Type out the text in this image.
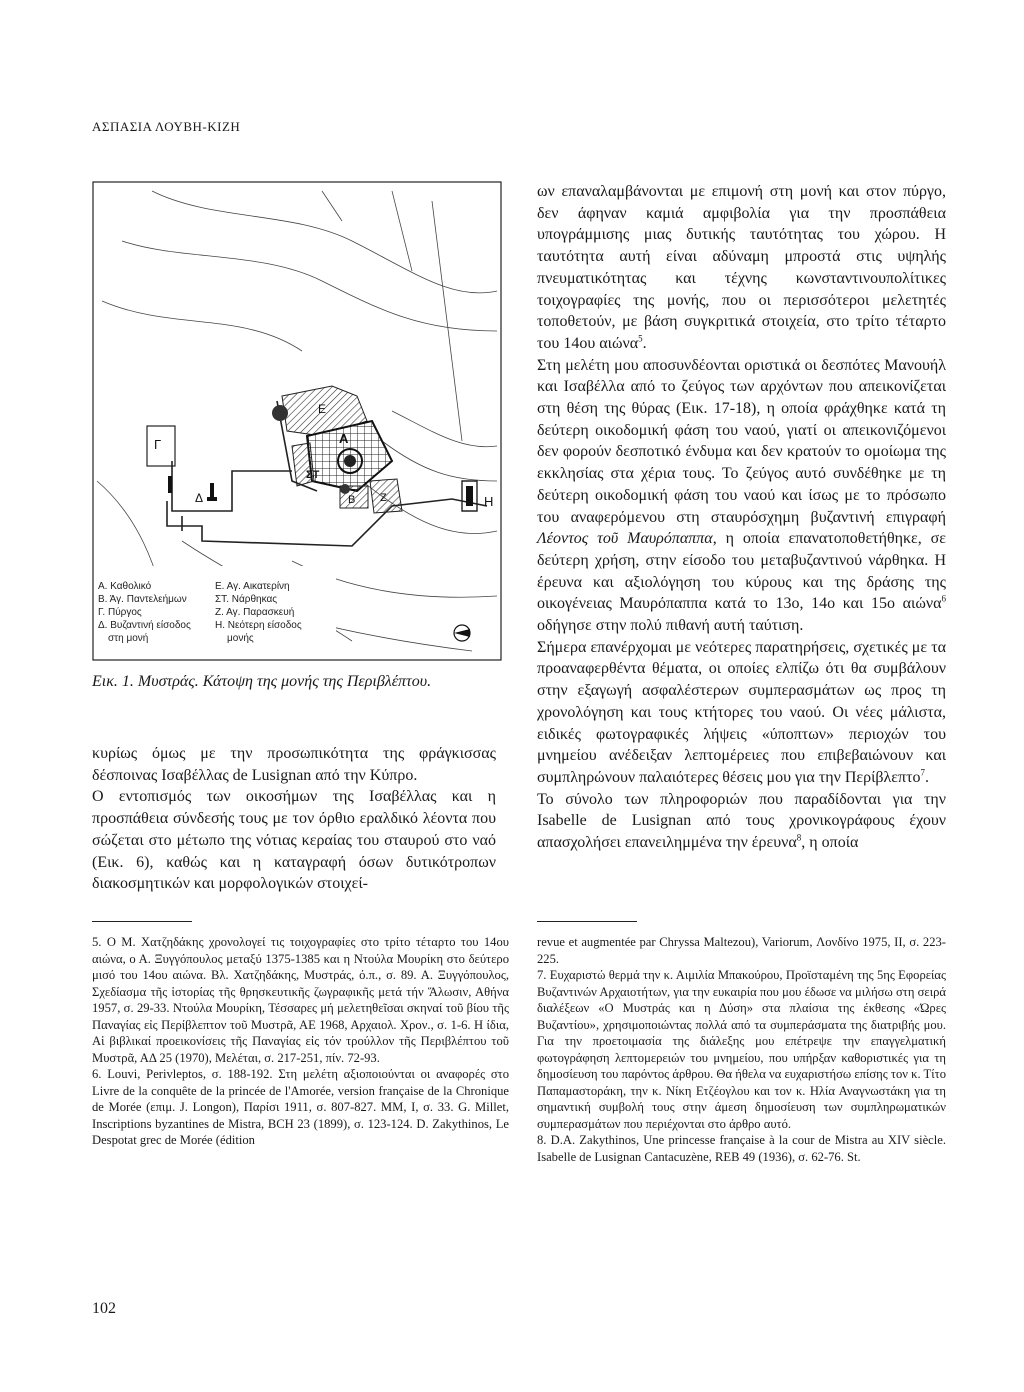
ΑΣΠΑΣΙΑ ΛΟΥΒΗ-ΚΙΖΗ
Γ
Δ
Ε
Α
ΣΤ
Β Ζ	Η
Α. Καθολικό
Β. Άγ. Παντελεήμων
Γ. Πύργος
Δ. Βυζαντινή είσοδος
στη μονή
Ε. Αγ. Αικατερίνη
ΣΤ. Νάρθηκας
Ζ. Αγ. Παρασκευή
Η. Νεότερη είσοδος
μονής
Εικ. 1. Μυστράς. Κάτοψη της μονής της Περιβλέπτου.

κυρίως όμως με την προσωπικότητα της φράγκισσας δέσποινας Ισαβέλλας de Lusignan από την Κύπρο.

Ο εντοπισμός των οικοσήμων της Ισαβέλλας και η προσπάθεια σύνδεσής τους με τον όρθιο εραλδικό λέοντα που σώζεται στο μέτωπο της νότιας κεραίας του σταυρού στο ναό (Εικ. 6), καθώς και η καταγραφή όσων δυτικότροπων διακοσμητικών και μορφολογικών στοιχεί-

ων επαναλαμβάνονται με επιμονή στη μονή και στον πύργο, δεν άφηναν καμιά αμφιβολία για την προσπάθεια υπογράμμισης μιας δυτικής ταυτότητας του χώρου. Η ταυτότητα αυτή είναι αδύναμη μπροστά στις υψηλής πνευματικότητας και τέχνης κωνσταντινουπολίτικες τοιχογραφίες της μονής, που οι περισσότεροι μελετητές τοποθετούν, με βάση συγκριτικά στοιχεία, στο τρίτο τέταρτο του 14ου αιώνα$^5$.

Στη μελέτη μου αποσυνδέονται οριστικά οι δεσπότες Μανουήλ και Ισαβέλλα από το ζεύγος των αρχόντων που απεικονίζεται στη θέση της θύρας (Εικ. 17-18), η οποία φράχθηκε κατά τη δεύτερη οικοδομική φάση του ναού, γιατί οι απεικονιζόμενοι δεν φορούν δεσποτικό ένδυμα και δεν κρατούν το ομοίωμα της εκκλησίας στα χέρια τους. Το ζεύγος αυτό συνδέθηκε με τη δεύτερη οικοδομική φάση του ναού και ίσως με το πρόσωπο του αναφερόμενου στη σταυρόσχημη βυζαντινή επιγραφή Λέοντος τοῦ Μαυρόπαππα, η οποία επανατοποθετήθηκε, σε δεύτερη χρήση, στην είσοδο του μεταβυζαντινού νάρθηκα. Η έρευνα και αξιολόγηση του κύρους και της δράσης της οικογένειας Μαυρόπαππα κατά το 13ο, 14ο και 15ο αιώνα$^6$ οδήγησε στην πολύ πιθανή αυτή ταύτιση.

Σήμερα επανέρχομαι με νεότερες παρατηρήσεις, σχετικές με τα προαναφερθέντα θέματα, οι οποίες ελπίζω ότι θα συμβάλουν στην εξαγωγή ασφαλέστερων συμπερασμάτων ως προς τη χρονολόγηση και τους κτήτορες του ναού. Οι νέες μάλιστα, ειδικές φωτογραφικές λήψεις «ύποπτων» περιοχών του μνημείου ανέδειξαν λεπτομέρειες που επιβεβαιώνουν και συμπληρώνουν παλαιότερες θέσεις μου για την Περίβλεπτο$^7$.

Το σύνολο των πληροφοριών που παραδίδονται για την Isabelle de Lusignan από τους χρονικογράφους έχουν απασχολήσει επανειλημμένα την έρευνα$^8$, η οποία

5. Ο Μ. Χατζηδάκης χρονολογεί τις τοιχογραφίες στο τρίτο τέταρτο του 14ου αιώνα, ο Α. Ξυγγόπουλος μεταξύ 1375-1385 και η Ντούλα Μουρίκη στο δεύτερο μισό του 14ου αιώνα. Βλ. Χατζηδάκης, Μυστράς, ό.π., σ. 89. Α. Ξυγγόπουλος, Σχεδίασμα τῆς ἱστορίας τῆς θρησκευτικῆς ζωγραφικῆς μετά τήν Ἅλωσιν, Αθήνα 1957, σ. 29-33. Ντούλα Μουρίκη, Τέσσαρες μή μελετηθεῖσαι σκηναί τοῦ βίου τῆς Παναγίας εἰς Περίβλεπτον τοῦ Μυστρᾶ, ΑΕ 1968, Αρχαιολ. Χρον., σ. 1-6. Η ίδια, Αἱ βιβλικαί προεικονίσεις τῆς Παναγίας εἰς τόν τρούλλον τῆς Περιβλέπτου τοῦ Μυστρᾶ, ΑΔ 25 (1970), Μελέται, σ. 217-251, πίν. 72-93.

6. Louvi, Perivleptos, σ. 188-192. Στη μελέτη αξιοποιούνται οι αναφορές στο Livre de la conquête de la princée de l'Amorée, version française de la Chronique de Morée (επιμ. J. Longon), Παρίσι 1911, σ. 807-827. ΜΜ, Ι, σ. 33. G. Millet, Inscriptions byzantines de Mistra, BCH 23 (1899), σ. 123-124. D. Zakythinos, Le Despotat grec de Morée (édition

revue et augmentée par Chryssa Maltezou), Variorum, Λονδίνο 1975, ΙΙ, σ. 223-225.

7. Ευχαριστώ θερμά την κ. Αιμιλία Μπακούρου, Προϊσταμένη της 5ης Εφορείας Βυζαντινών Αρχαιοτήτων, για την ευκαιρία που μου έδωσε να μιλήσω στη σειρά διαλέξεων «Ο Μυστράς και η Δύση» στα πλαίσια της έκθεσης «Ώρες Βυζαντίου», χρησιμοποιώντας πολλά από τα συμπεράσματα της διατριβής μου. Για την προετοιμασία της διάλεξης μου επέτρεψε την επαγγελματική φωτογράφηση λεπτομερειών του μνημείου, που υπήρξαν καθοριστικές για τη δημοσίευση του παρόντος άρθρου. Θα ήθελα να ευχαριστήσω επίσης τον κ. Τίτο Παπαμαστοράκη, την κ. Νίκη Ετζέογλου και τον κ. Ηλία Αναγνωστάκη για τη σημαντική συμβολή τους στην άμεση δημοσίευση των συμπληρωματικών συμπερασμάτων που περιέχονται στο άρθρο αυτό.

8. D.A. Zakythinos, Une princesse française à la cour de Mistra au XIV siècle. Isabelle de Lusignan Cantacuzène, REB 49 (1936), σ. 62-76. St.

102
